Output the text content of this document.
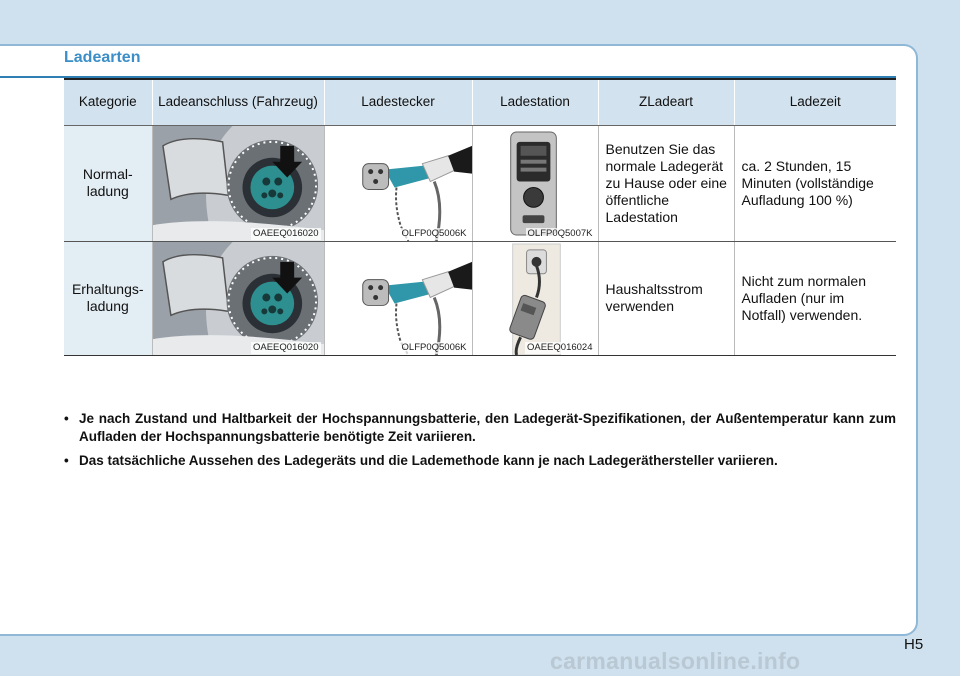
Ladearten
Kategorie	Ladeanschluss (Fahrzeug)	Ladestecker	Ladestation	ZLadeart	Ladezeit
Normal-ladung	OAEEQ016020	OLFP0Q5006K	OLFP0Q5007K	Benutzen Sie das normale Ladegerät zu Hause oder eine öffentliche Ladestation	ca. 2 Stunden, 15 Minuten (vollständige Aufladung 100 %)
Erhaltungs-ladung	OAEEQ016020	OLFP0Q5006K	OAEEQ016024	Haushaltsstrom verwenden	Nicht zum normalen Aufladen (nur im Notfall) verwenden.
• Je nach Zustand und Haltbarkeit der Hochspannungsbatterie, den Ladegerät-Spezifikationen, der Außentemperatur kann zum Aufladen der Hochspannungsbatterie benötigte Zeit variieren.
• Das tatsächliche Aussehen des Ladegeräts und die Lademethode kann je nach Ladegeräthersteller variieren.
H5
carmanualsonline.info
